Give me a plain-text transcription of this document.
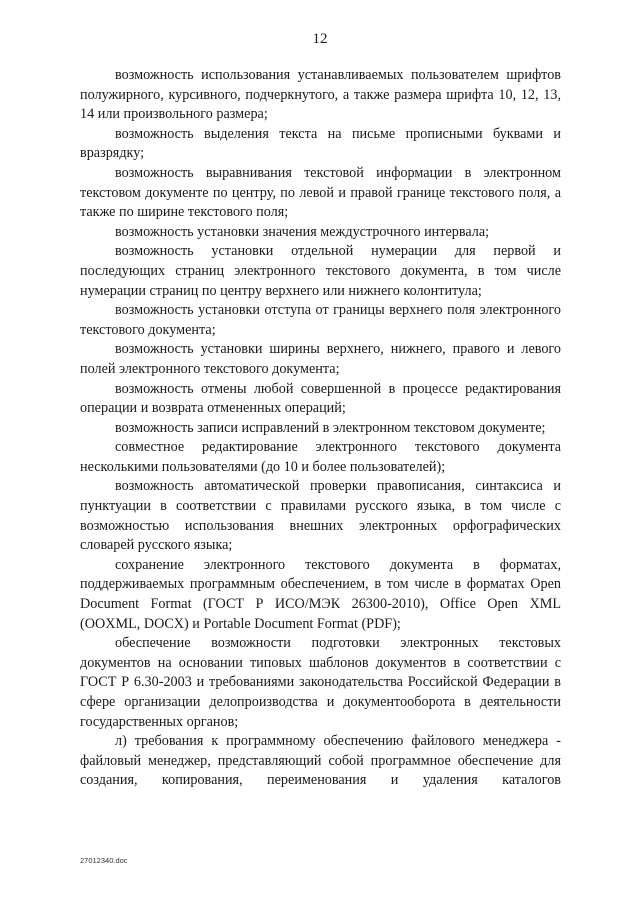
12

возможность использования устанавливаемых пользователем шрифтов полужирного, курсивного, подчеркнутого, а также размера шрифта 10, 12, 13, 14 или произвольного размера;

возможность выделения текста на письме прописными буквами и вразрядку;

возможность выравнивания текстовой информации в электронном текстовом документе по центру, по левой и правой границе текстового поля, а также по ширине текстового поля;

возможность установки значения междустрочного интервала;

возможность установки отдельной нумерации для первой и последующих страниц электронного текстового документа, в том числе нумерации страниц по центру верхнего или нижнего колонтитула;

возможность установки отступа от границы верхнего поля электронного текстового документа;

возможность установки ширины верхнего, нижнего, правого и левого полей электронного текстового документа;

возможность отмены любой совершенной в процессе редактирования операции и возврата отмененных операций;

возможность записи исправлений в электронном текстовом документе;

совместное редактирование электронного текстового документа несколькими пользователями (до 10 и более пользователей);

возможность автоматической проверки правописания, синтаксиса и пунктуации в соответствии с правилами русского языка, в том числе с возможностью использования внешних электронных орфографических словарей русского языка;

сохранение электронного текстового документа в форматах, поддерживаемых программным обеспечением, в том числе в форматах Open Document Format (ГОСТ Р ИСО/МЭК 26300-2010), Office Open XML (OOXML, DOCX) и Portable Document Format (PDF);

обеспечение возможности подготовки электронных текстовых документов на основании типовых шаблонов документов в соответствии с ГОСТ Р 6.30-2003 и требованиями законодательства Российской Федерации в сфере организации делопроизводства и документооборота в деятельности государственных органов;

л) требования к программному обеспечению файлового менеджера - файловый менеджер, представляющий собой программное обеспечение для создания, копирования, переименования и удаления каталогов

27012340.doc
